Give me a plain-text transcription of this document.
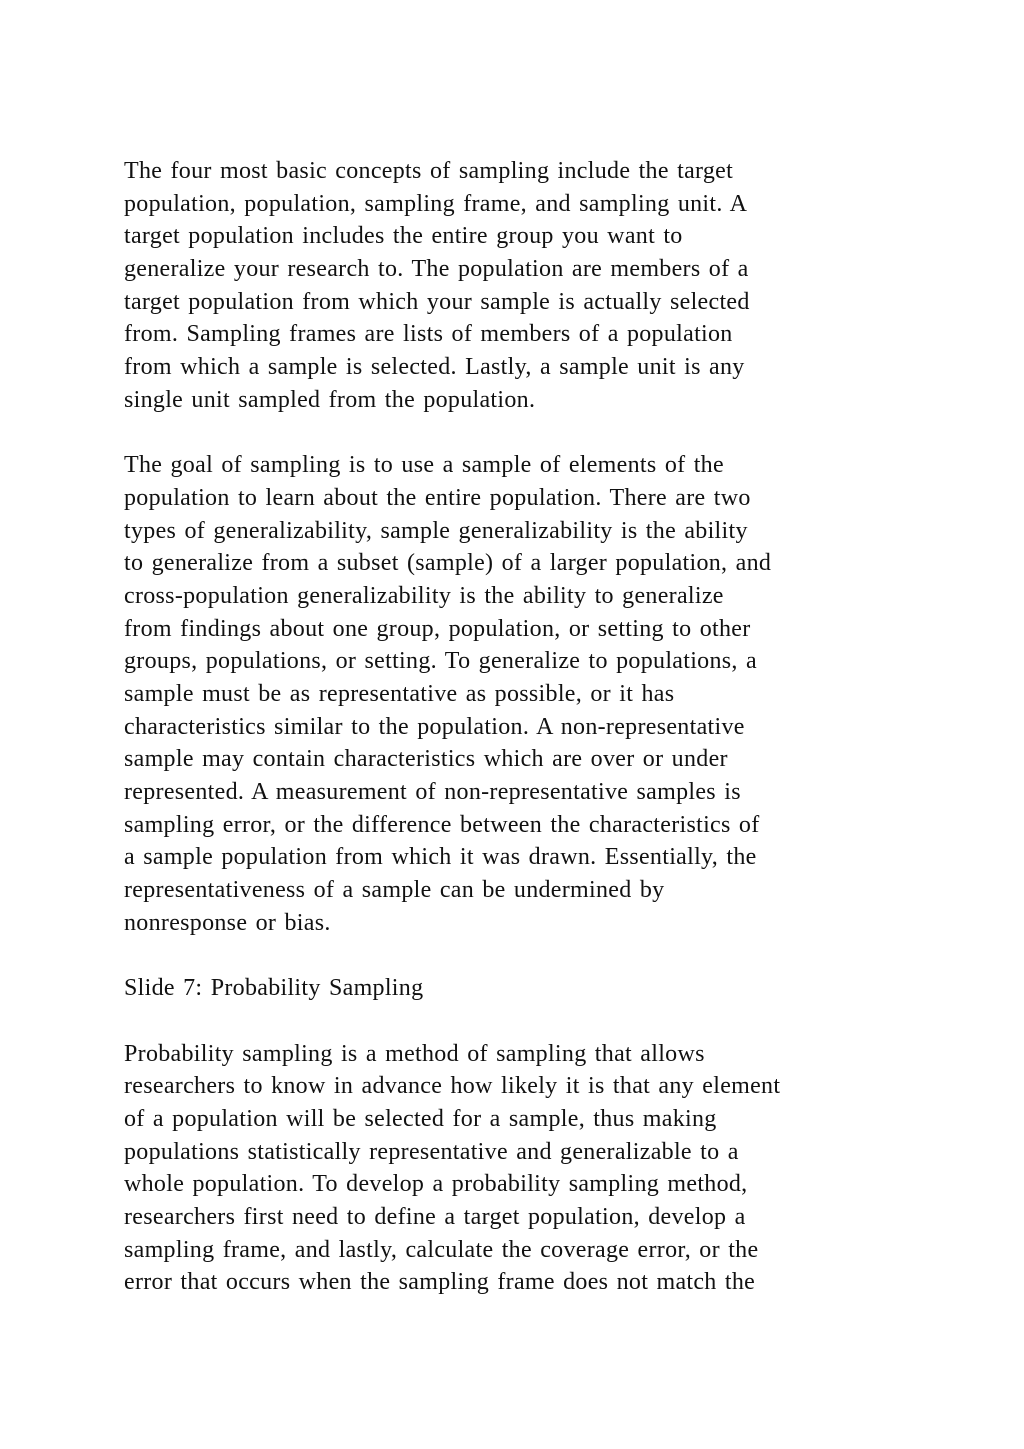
The four most basic concepts of sampling include the target
population, population, sampling frame, and sampling unit. A
target population includes the entire group you want to
generalize your research to. The population are members of a
target population from which your sample is actually selected
from. Sampling frames are lists of members of a population
from which a sample is selected. Lastly, a sample unit is any
single unit sampled from the population.

The goal of sampling is to use a sample of elements of the
population to learn about the entire population. There are two
types of generalizability, sample generalizability is the ability
to generalize from a subset (sample) of a larger population, and
cross-population generalizability is the ability to generalize
from findings about one group, population, or setting to other
groups, populations, or setting. To generalize to populations, a
sample must be as representative as possible, or it has
characteristics similar to the population. A non-representative
sample may contain characteristics which are over or under
represented. A measurement of non-representative samples is
sampling error, or the difference between the characteristics of
a sample population from which it was drawn. Essentially, the
representativeness of a sample can be undermined by
nonresponse or bias.

Slide 7: Probability Sampling

Probability sampling is a method of sampling that allows
researchers to know in advance how likely it is that any element
of a population will be selected for a sample, thus making
populations statistically representative and generalizable to a
whole population. To develop a probability sampling method,
researchers first need to define a target population, develop a
sampling frame, and lastly, calculate the coverage error, or the
error that occurs when the sampling frame does not match the
